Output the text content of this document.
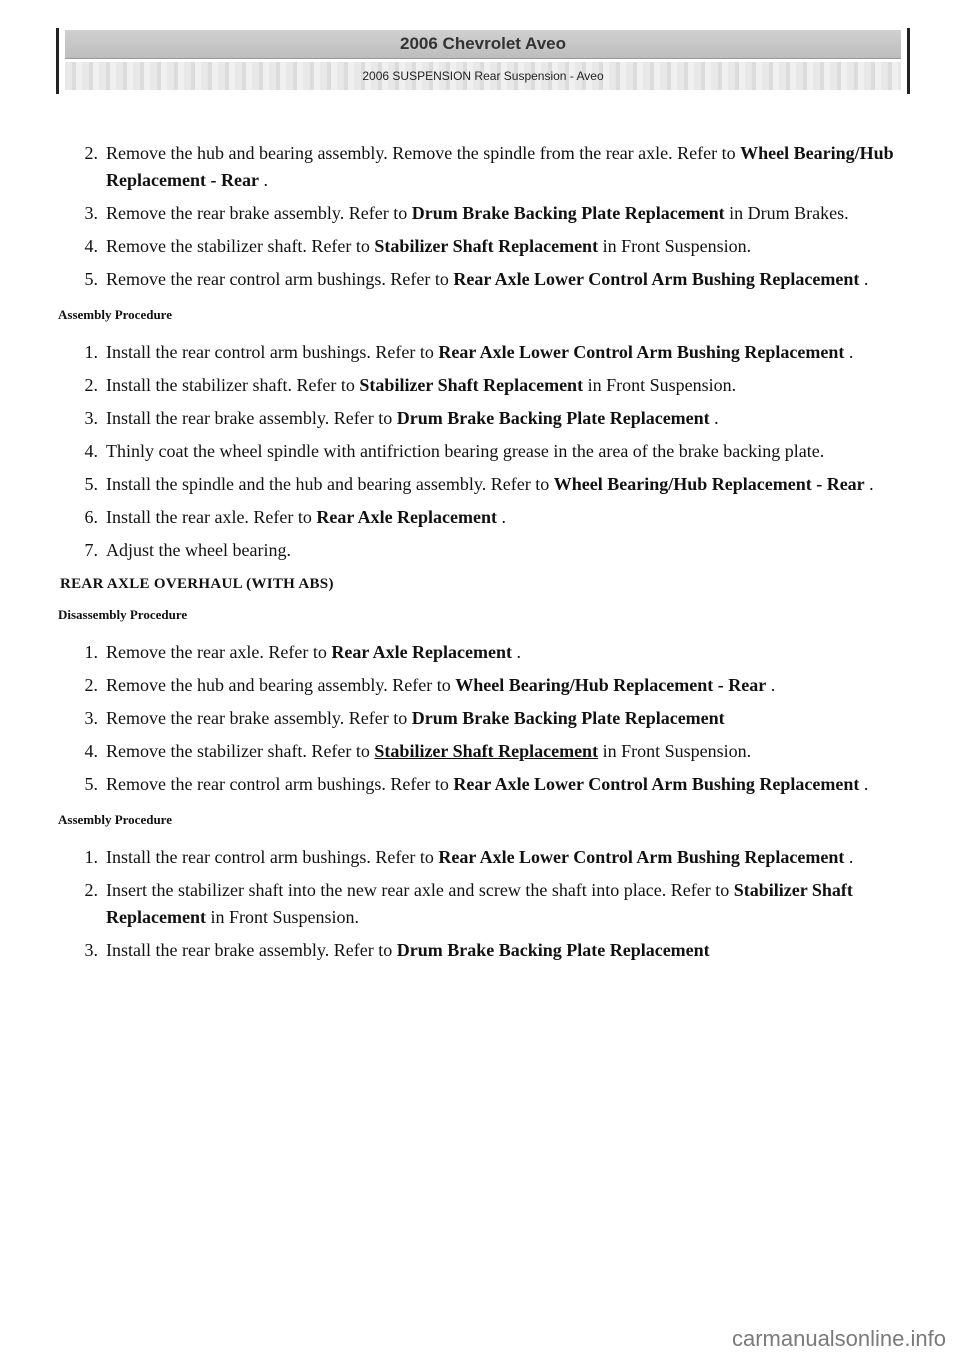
2006 Chevrolet Aveo
2006 SUSPENSION Rear Suspension - Aveo
2. Remove the hub and bearing assembly. Remove the spindle from the rear axle. Refer to Wheel Bearing/Hub Replacement - Rear .
3. Remove the rear brake assembly. Refer to Drum Brake Backing Plate Replacement in Drum Brakes.
4. Remove the stabilizer shaft. Refer to Stabilizer Shaft Replacement in Front Suspension.
5. Remove the rear control arm bushings. Refer to Rear Axle Lower Control Arm Bushing Replacement .
Assembly Procedure
1. Install the rear control arm bushings. Refer to Rear Axle Lower Control Arm Bushing Replacement .
2. Install the stabilizer shaft. Refer to Stabilizer Shaft Replacement in Front Suspension.
3. Install the rear brake assembly. Refer to Drum Brake Backing Plate Replacement .
4. Thinly coat the wheel spindle with antifriction bearing grease in the area of the brake backing plate.
5. Install the spindle and the hub and bearing assembly. Refer to Wheel Bearing/Hub Replacement - Rear .
6. Install the rear axle. Refer to Rear Axle Replacement .
7. Adjust the wheel bearing.
REAR AXLE OVERHAUL (WITH ABS)
Disassembly Procedure
1. Remove the rear axle. Refer to Rear Axle Replacement .
2. Remove the hub and bearing assembly. Refer to Wheel Bearing/Hub Replacement - Rear .
3. Remove the rear brake assembly. Refer to Drum Brake Backing Plate Replacement
4. Remove the stabilizer shaft. Refer to Stabilizer Shaft Replacement in Front Suspension.
5. Remove the rear control arm bushings. Refer to Rear Axle Lower Control Arm Bushing Replacement .
Assembly Procedure
1. Install the rear control arm bushings. Refer to Rear Axle Lower Control Arm Bushing Replacement .
2. Insert the stabilizer shaft into the new rear axle and screw the shaft into place. Refer to Stabilizer Shaft Replacement in Front Suspension.
3. Install the rear brake assembly. Refer to Drum Brake Backing Plate Replacement
carmanualsonline.info
